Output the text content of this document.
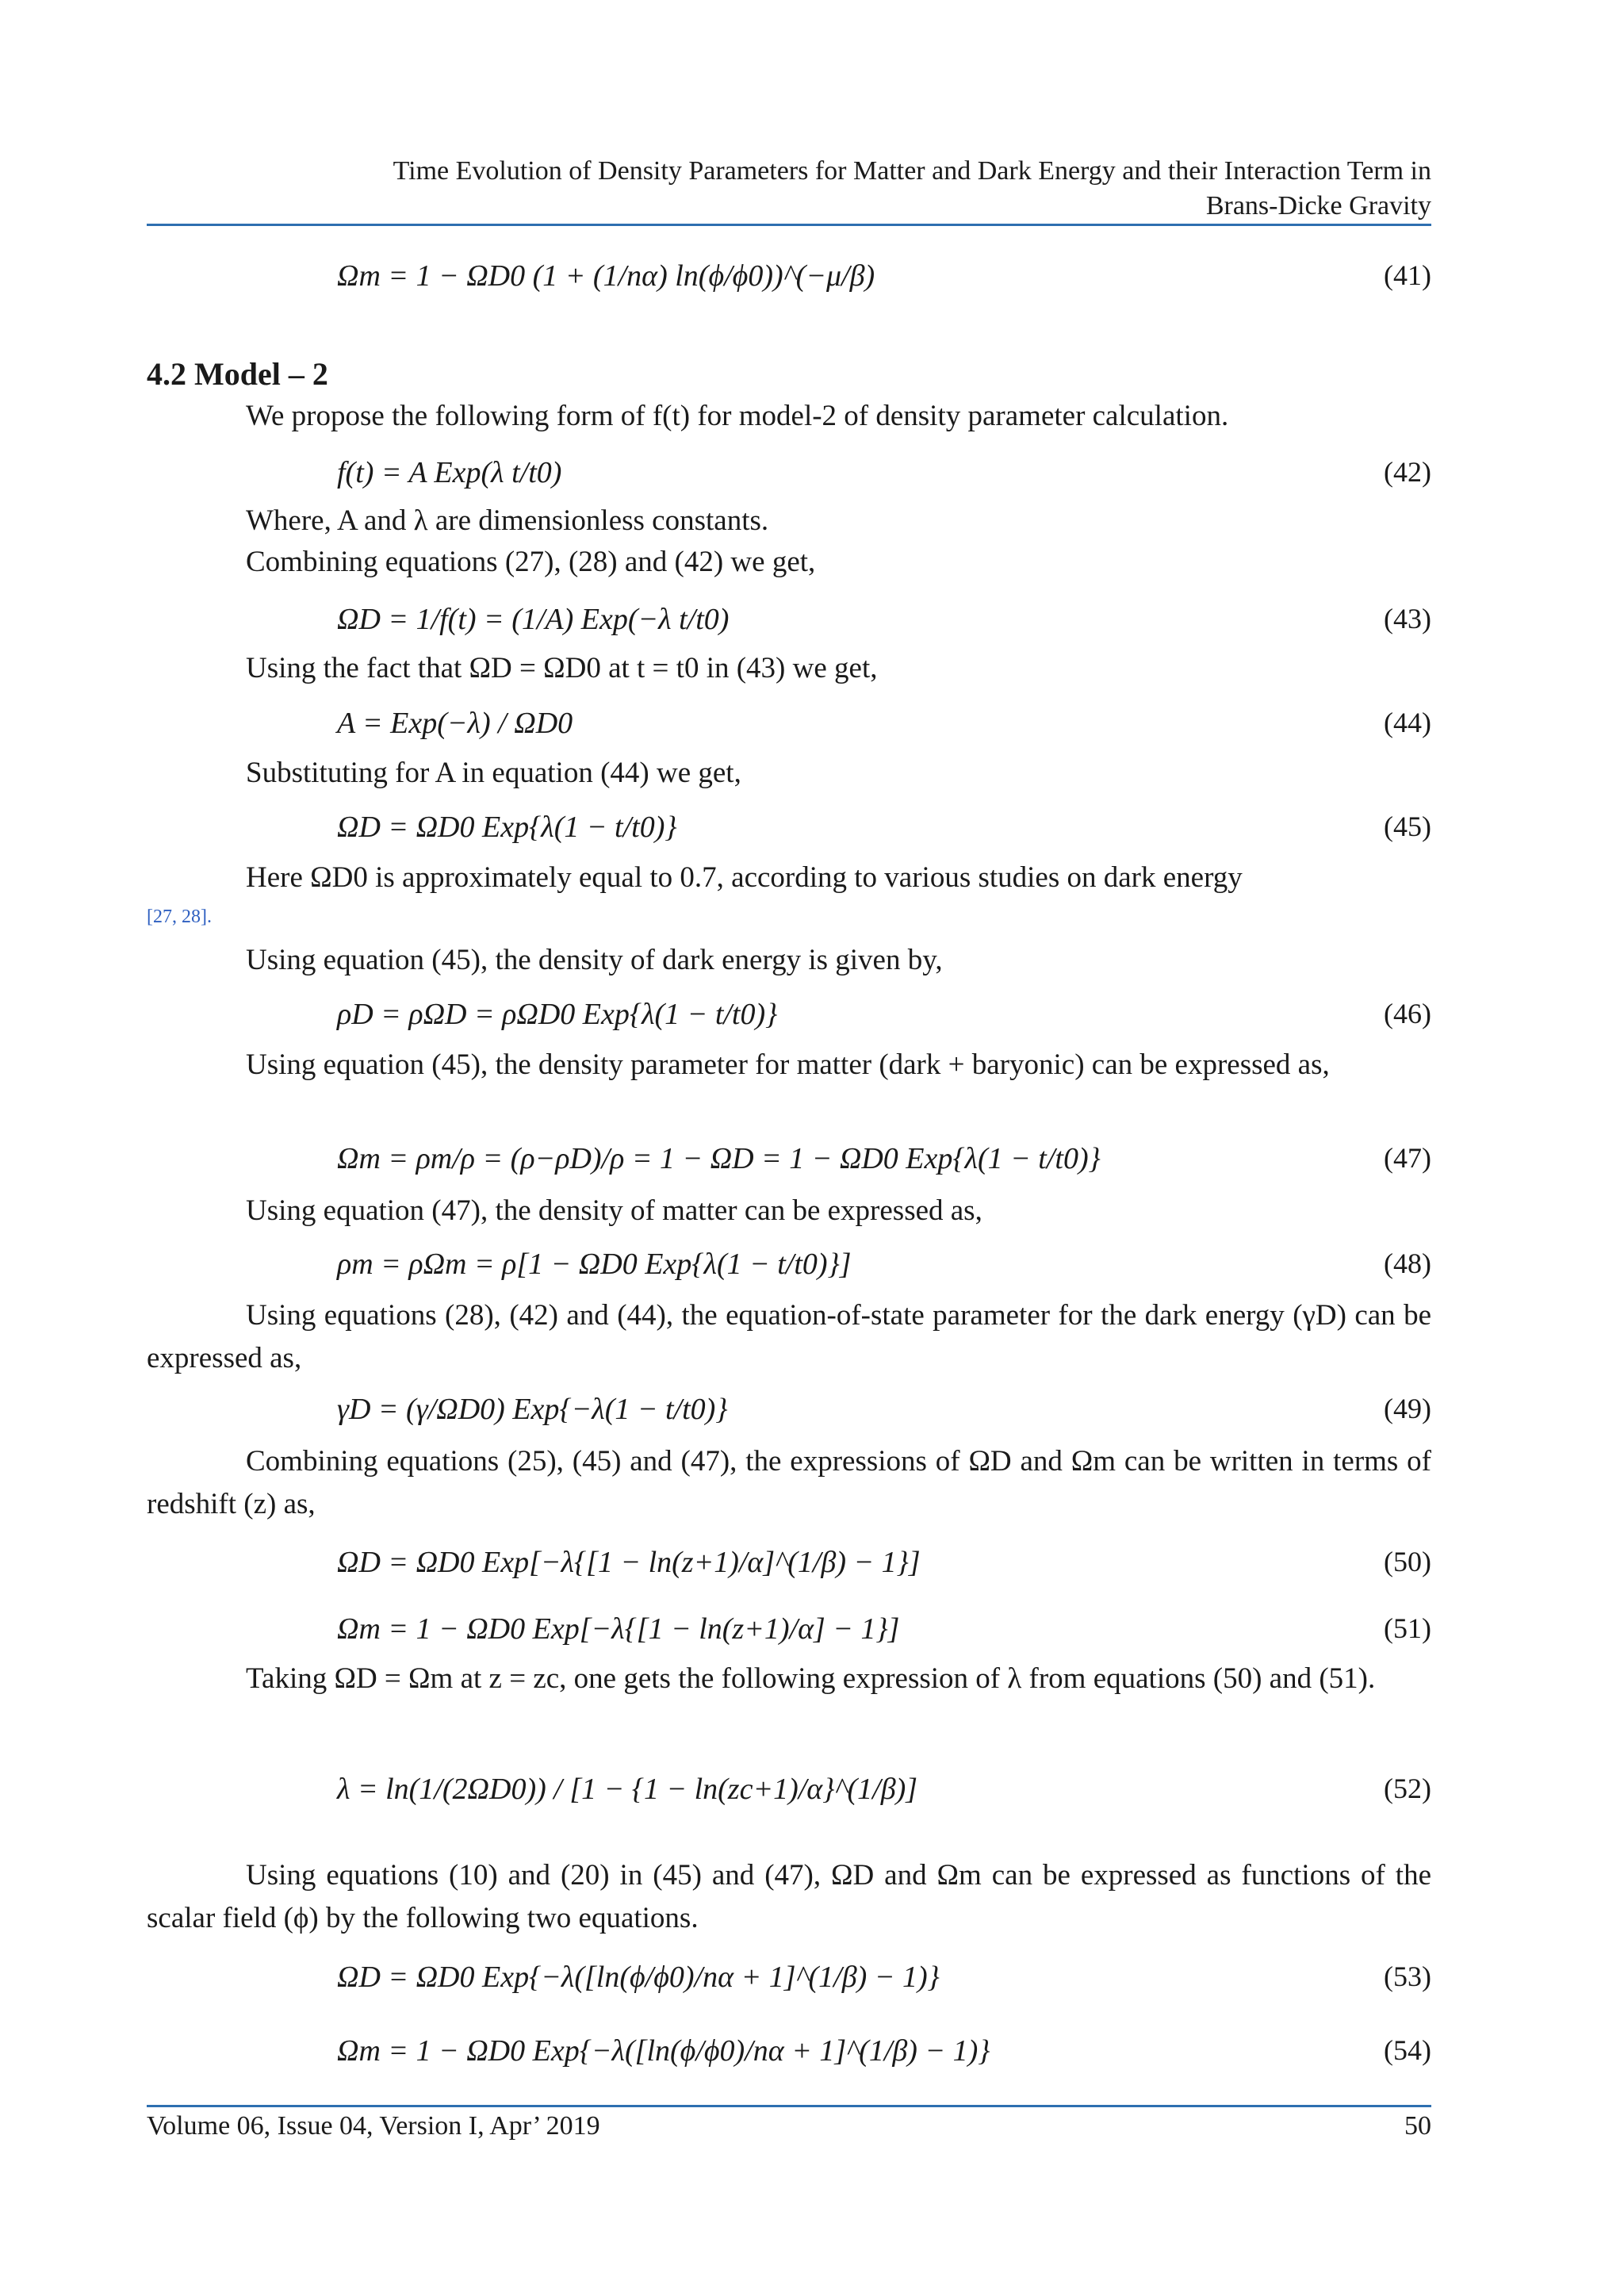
Time Evolution of Density Parameters for Matter and Dark Energy and their Interaction Term in
Brans-Dicke Gravity
Ωm = 1 − ΩD0 (1 + (1/nα) ln(ϕ/ϕ0))^(−μ/β)	(41)
4.2 Model – 2
We propose the following form of f(t) for model-2 of density parameter calculation.
f(t) = A Exp(λ t/t0)	(42)
Where, A and λ are dimensionless constants.
Combining equations (27), (28) and (42) we get,
ΩD = 1/f(t) = (1/A) Exp(−λ t/t0)	(43)
Using the fact that ΩD = ΩD0 at t = t0 in (43) we get,
A = Exp(−λ) / ΩD0	(44)
Substituting for A in equation (44) we get,
ΩD = ΩD0 Exp{λ(1 − t/t0)}	(45)
Here ΩD0 is approximately equal to 0.7, according to various studies on dark energy
[27, 28].
Using equation (45), the density of dark energy is given by,
ρD = ρΩD = ρΩD0 Exp{λ(1 − t/t0)}	(46)
Using equation (45), the density parameter for matter (dark + baryonic) can be expressed as,
Ωm = ρm/ρ = (ρ−ρD)/ρ = 1 − ΩD = 1 − ΩD0 Exp{λ(1 − t/t0)}	(47)
Using equation (47), the density of matter can be expressed as,
ρm = ρΩm = ρ[1 − ΩD0 Exp{λ(1 − t/t0)}]	(48)
Using equations (28), (42) and (44), the equation-of-state parameter for the dark energy (γD) can be expressed as,
γD = (γ/ΩD0) Exp{−λ(1 − t/t0)}	(49)
Combining equations (25), (45) and (47), the expressions of ΩD and Ωm can be written in terms of redshift (z) as,
ΩD = ΩD0 Exp[−λ{[1 − ln(z+1)/α]^(1/β) − 1}]	(50)
Ωm = 1 − ΩD0 Exp[−λ{[1 − ln(z+1)/α] − 1}]	(51)
Taking ΩD = Ωm at z = zc, one gets the following expression of λ from equations (50) and (51).
λ = ln(1/(2ΩD0)) / [1 − {1 − ln(zc+1)/α}^(1/β)]	(52)
Using equations (10) and (20) in (45) and (47), ΩD and Ωm can be expressed as functions of the scalar field (ϕ) by the following two equations.
ΩD = ΩD0 Exp{−λ([ln(ϕ/ϕ0)/nα + 1]^(1/β) − 1)}	(53)
Ωm = 1 − ΩD0 Exp{−λ([ln(ϕ/ϕ0)/nα + 1]^(1/β) − 1)}	(54)
Volume 06, Issue 04, Version I, Apr’ 2019	50
